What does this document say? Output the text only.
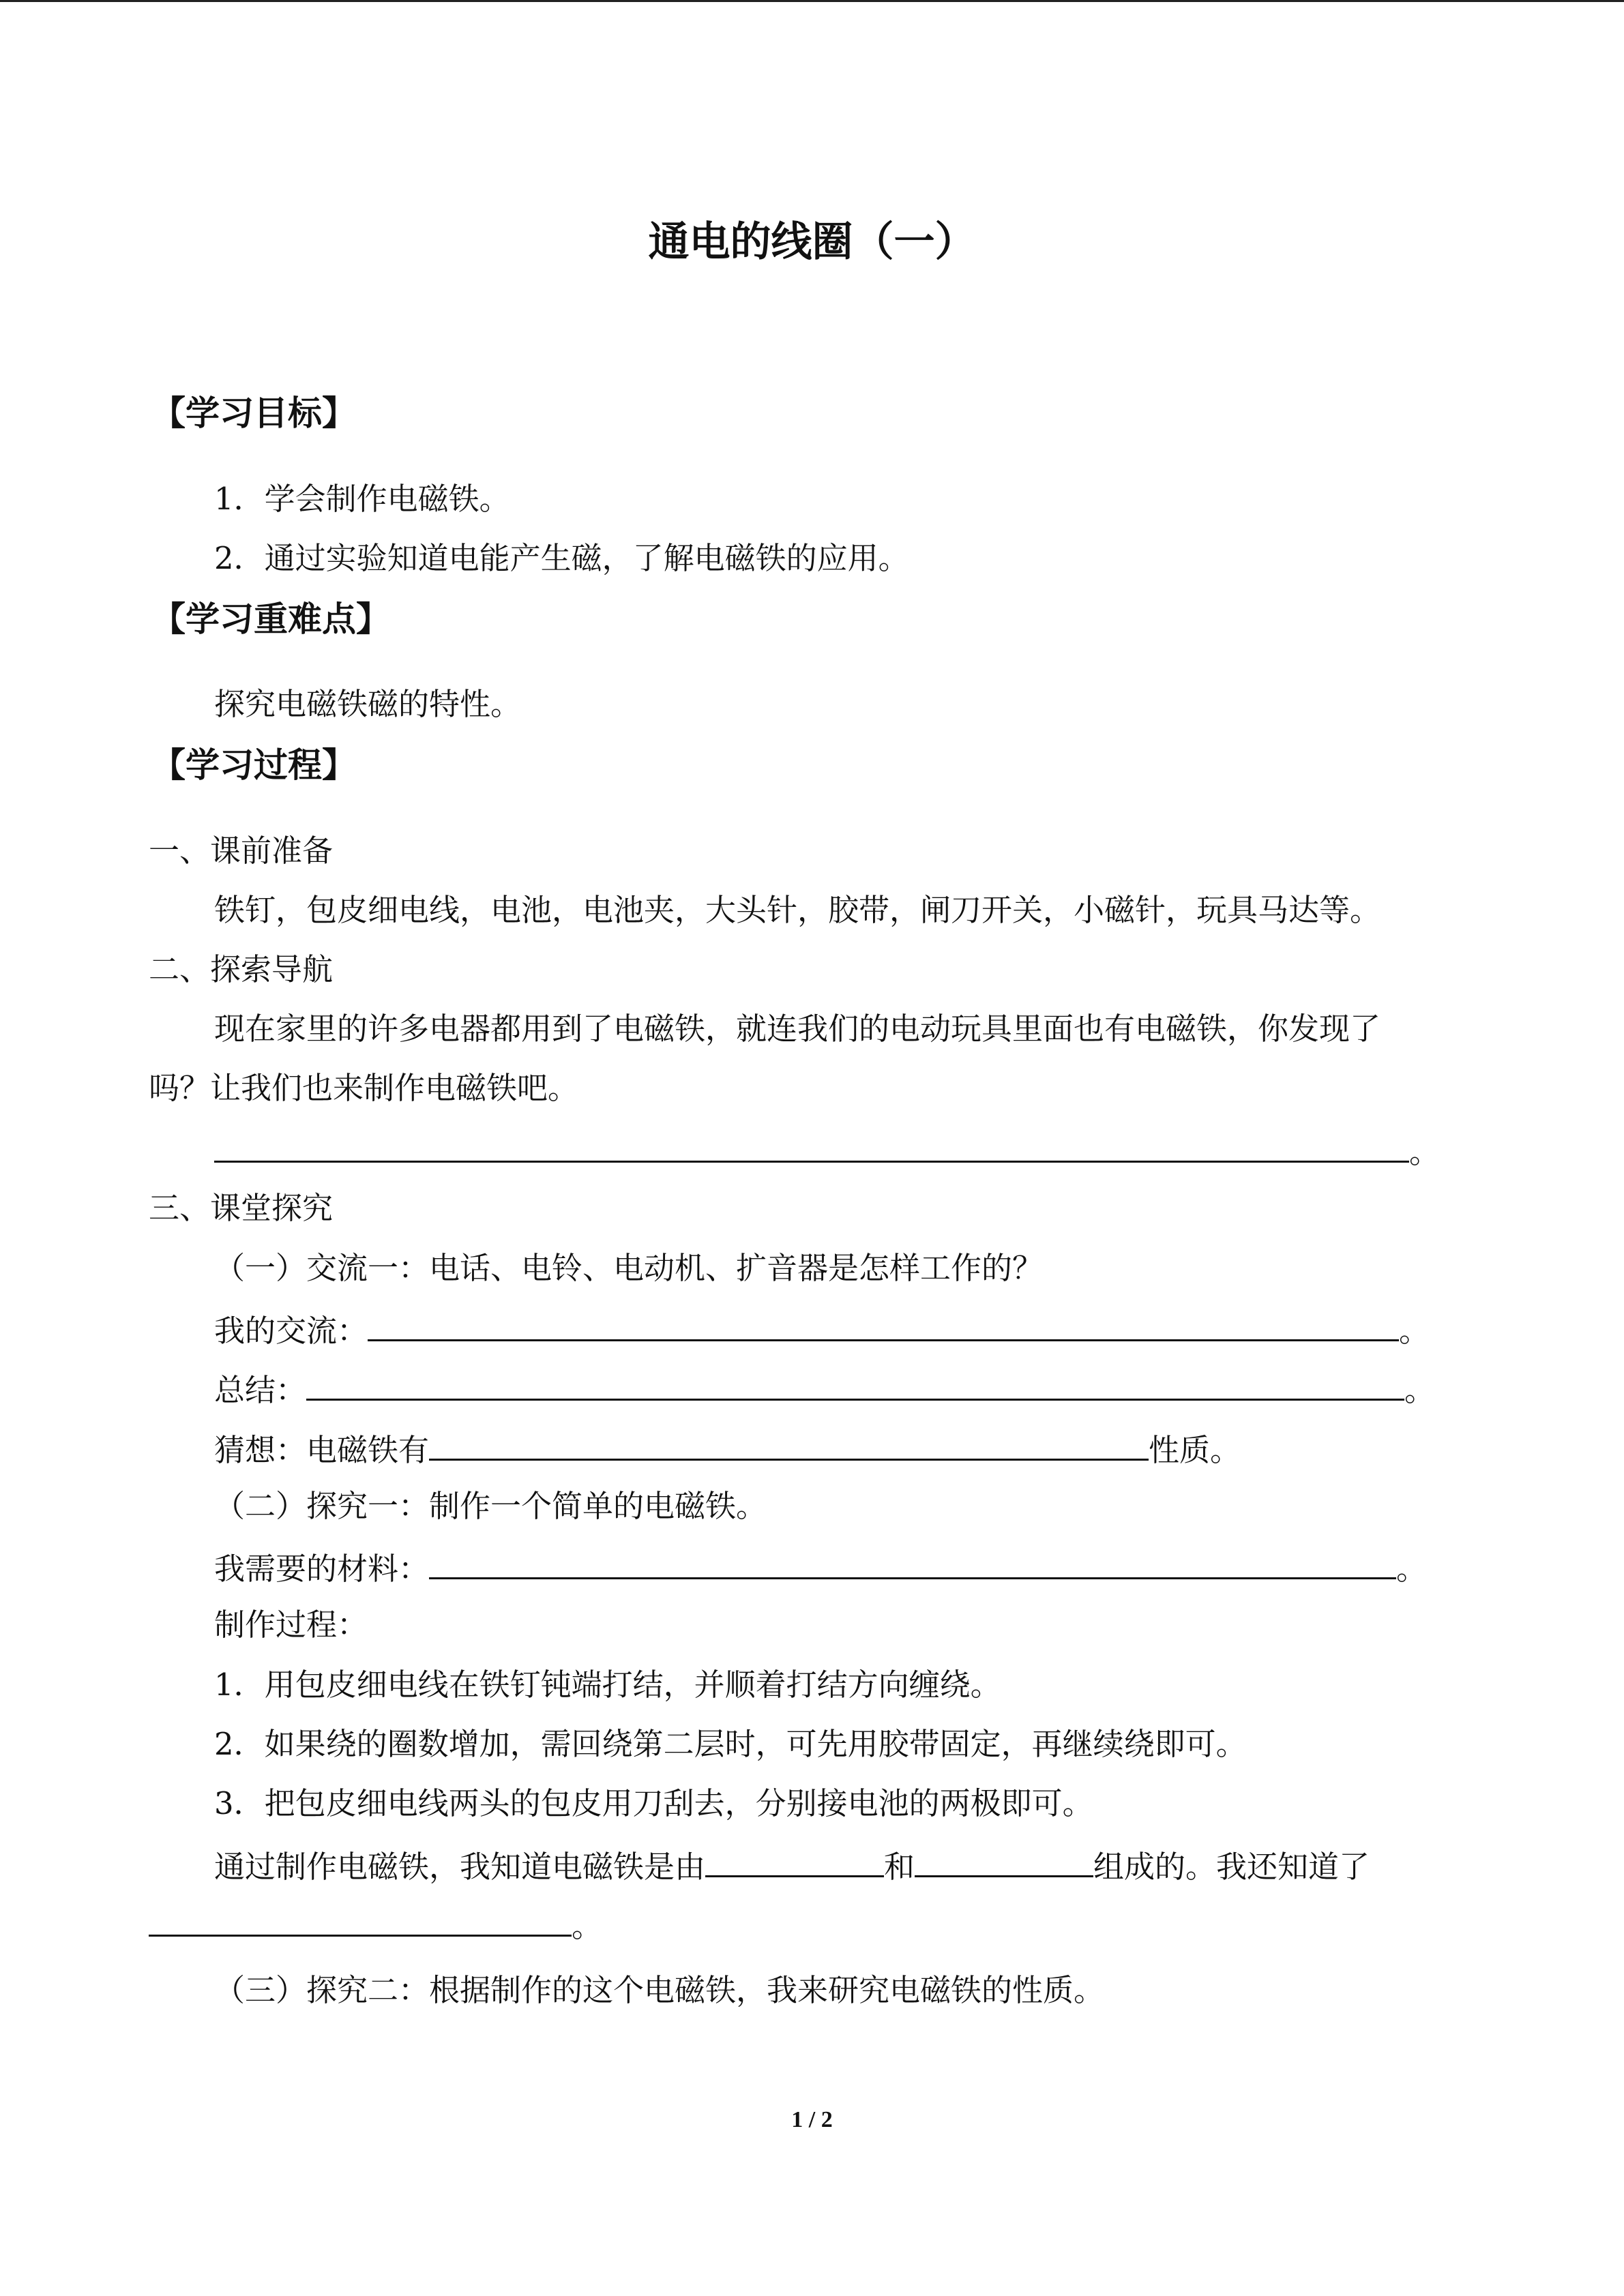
通电的线圈（一）
【学习目标】
1．学会制作电磁铁。
2．通过实验知道电能产生磁，了解电磁铁的应用。
【学习重难点】
探究电磁铁磁的特性。
【学习过程】
一、课前准备
铁钉，包皮细电线，电池，电池夹，大头针，胶带，闸刀开关，小磁针，玩具马达等。
二、探索导航
现在家里的许多电器都用到了电磁铁，就连我们的电动玩具里面也有电磁铁，你发现了
吗？让我们也来制作电磁铁吧。
。
三、课堂探究
（一）交流一：电话、电铃、电动机、扩音器是怎样工作的？
我的交流：	。
总结：	。
猜想：电磁铁有	性质。
（二）探究一：制作一个简单的电磁铁。
我需要的材料：	。
制作过程：
1．用包皮细电线在铁钉钝端打结，并顺着打结方向缠绕。
2．如果绕的圈数增加，需回绕第二层时，可先用胶带固定，再继续绕即可。
3．把包皮细电线两头的包皮用刀刮去，分别接电池的两极即可。
通过制作电磁铁，我知道电磁铁是由	和	组成的。我还知道了
。
（三）探究二：根据制作的这个电磁铁，我来研究电磁铁的性质。
1 / 2
